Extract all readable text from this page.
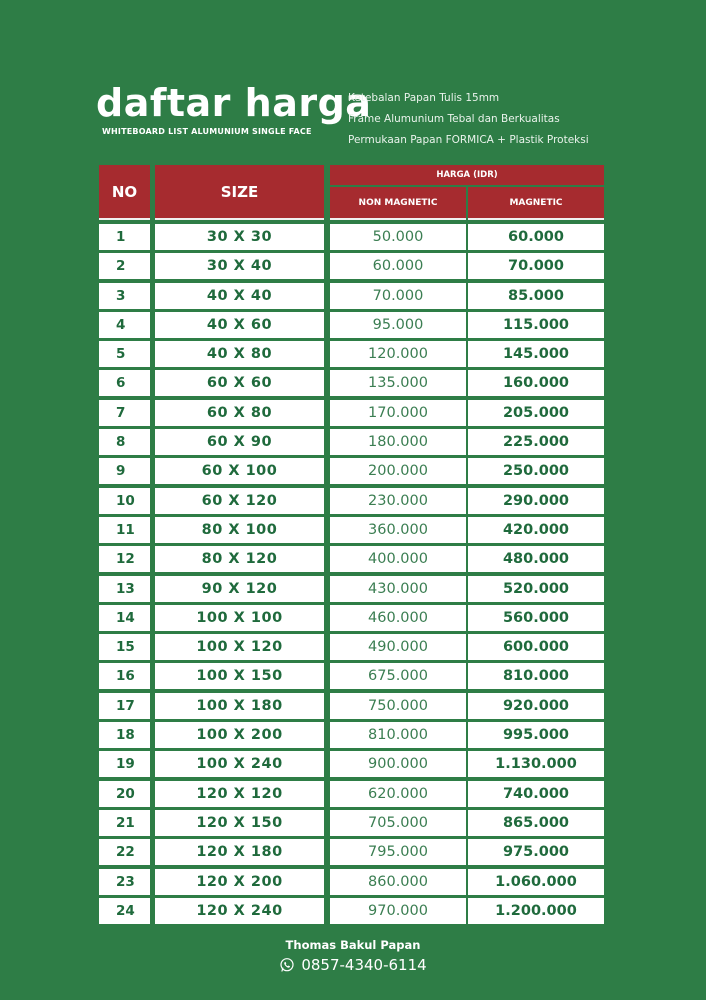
daftar harga
WHITEBOARD LIST ALUMUNIUM SINGLE FACE
Ketebalan Papan Tulis 15mm
Frame Alumunium Tebal dan Berkualitas
Permukaan Papan FORMICA + Plastik Proteksi
NO	SIZE
HARGA (IDR)
NON MAGNETIC	MAGNETIC
1	30 X 30	50.000	60.000
2	30 X 40	60.000	70.000
3	40 X 40	70.000	85.000
4	40 X 60	95.000	115.000
5	40 X 80	120.000	145.000
6	60 X 60	135.000	160.000
7	60 X 80	170.000	205.000
8	60 X 90	180.000	225.000
9	60 X 100	200.000	250.000
10	60 X 120	230.000	290.000
11	80 X 100	360.000	420.000
12	80 X 120	400.000	480.000
13	90 X 120	430.000	520.000
14	100 X 100	460.000	560.000
15	100 X 120	490.000	600.000
16	100 X 150	675.000	810.000
17	100 X 180	750.000	920.000
18	100 X 200	810.000	995.000
19	100 X 240	900.000	1.130.000
20	120 X 120	620.000	740.000
21	120 X 150	705.000	865.000
22	120 X 180	795.000	975.000
23	120 X 200	860.000	1.060.000
24	120 X 240	970.000	1.200.000
Thomas Bakul Papan
0857-4340-6114
